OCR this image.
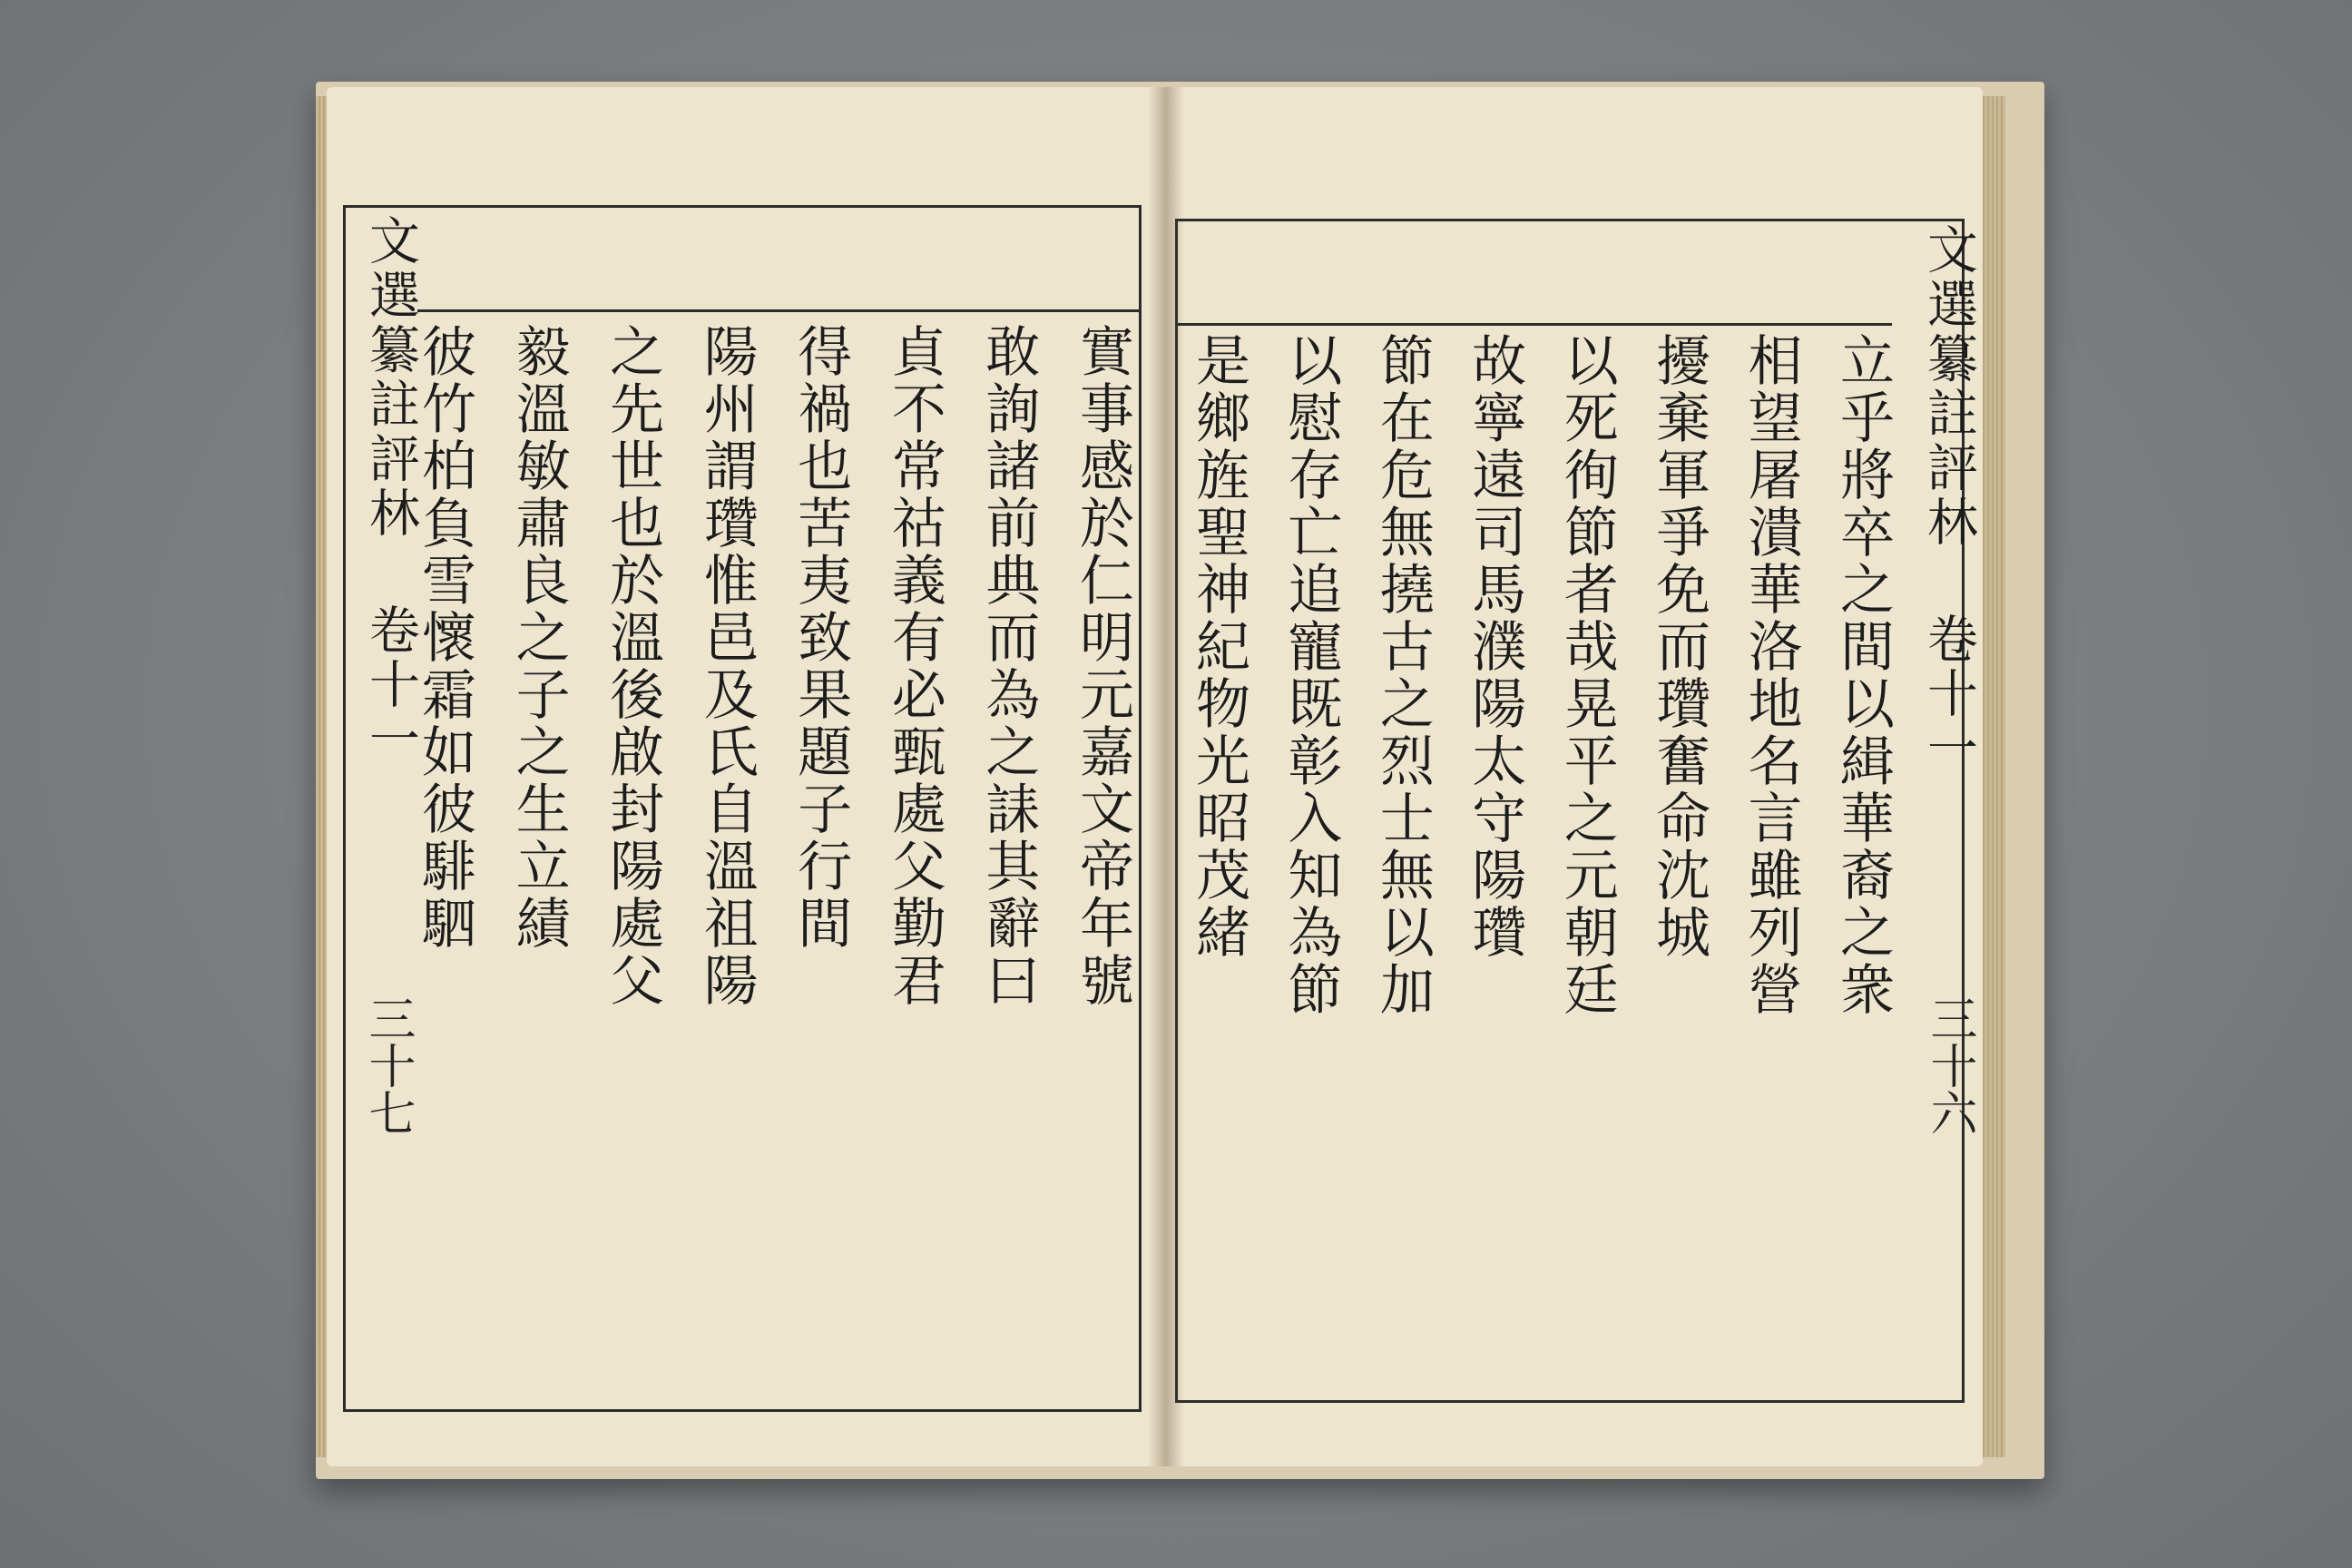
文選纂註評林 卷十一
三十七
實事感於仁明元嘉文帝年號
敢詢諸前典而為之誄其辭曰
貞不常祜義有必甄處父勤君
得禍也苦夷致果題子行間
陽州謂瓚惟邑及氏自溫祖陽
之先世也於溫後啟封陽處父
毅溫敏肅良之子之生立績
彼竹柏負雪懷霜如彼騑駟	文選纂註評林 卷十一
三十六
立乎將卒之間以緝華裔之衆
相望屠潰華洛地名言雖列營
擾棄軍爭免而瓚奮命沈城
以死徇節者哉晃平之元朝廷
故寧遠司馬濮陽太守陽瓚
節在危無撓古之烈士無以加
以慰存亡追寵既彰入知為節
是鄉旌聖神紀物光昭茂緒
